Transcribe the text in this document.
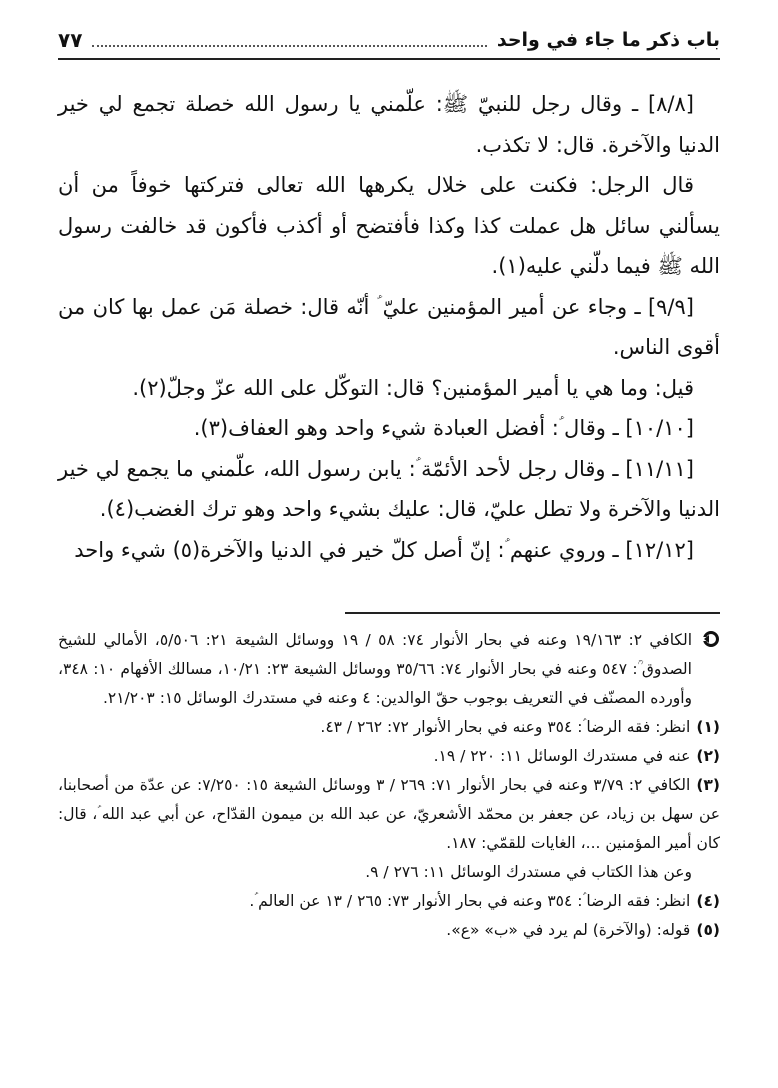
باب ذكر ما جاء في واحد
٧٧

[٨/٨] ـ وقال رجل للنبيّ ﷺ: علّمني يا رسول الله خصلة تجمع لي خير الدنيا والآخرة. قال: لا تكذب.

قال الرجل: فكنت على خلال يكرهها الله تعالى فتركتها خوفاً من أن يسألني سائل هل عملت كذا وكذا فأفتضح أو أكذب فأكون قد خالفت رسول الله ﷺ فيما دلّني عليه(١).

[٩/٩] ـ وجاء عن أمير المؤمنين عليّ ؑ أنّه قال: خصلة مَن عمل بها كان من أقوى الناس.

قيل: وما هي يا أمير المؤمنين؟ قال: التوكّل على الله عزّ وجلّ(٢).

[١٠/١٠] ـ وقال ؑ: أفضل العبادة شيء واحد وهو العفاف(٣).

[١١/١١] ـ وقال رجل لأحد الأئمّة ؑ: يابن رسول الله، علّمني ما يجمع لي خير الدنيا والآخرة ولا تطل عليّ، قال: عليك بشيء واحد وهو ترك الغضب(٤).

[١٢/١٢] ـ وروي عنهم ؑ: إنّ أصل كلّ خير في الدنيا والآخرة(٥) شيء واحد

الكافي ٢: ١٩/١٦٣ وعنه في بحار الأنوار ٧٤: ٥٨ / ١٩ ووسائل الشيعة ٢١: ٥/٥٠٦، الأمالي للشيخ الصدوق ؒ: ٥٤٧ وعنه في بحار الأنوار ٧٤: ٣٥/٦٦ ووسائل الشيعة ٢٣: ١٠/٢١، مسالك الأفهام ١٠: ٣٤٨، وأورده المصنّف في التعريف بوجوب حقّ الوالدين: ٤ وعنه في مستدرك الوسائل ١٥: ٢١/٢٠٣.

(١)انظر: فقه الرضا ؑ: ٣٥٤ وعنه في بحار الأنوار ٧٢: ٢٦٢ / ٤٣.

(٢)عنه في مستدرك الوسائل ١١: ٢٢٠ / ١٩.

(٣)الكافي ٢: ٣/٧٩ وعنه في بحار الأنوار ٧١: ٢٦٩ / ٣ ووسائل الشيعة ١٥: ٧/٢٥٠: عن عدّة من أصحابنا، عن سهل بن زياد، عن جعفر بن محمّد الأشعريّ، عن عبد الله بن ميمون القدّاح، عن أبي عبد الله ؑ، قال: كان أمير المؤمنين ...، الغايات للقمّي: ١٨٧.

وعن هذا الكتاب في مستدرك الوسائل ١١: ٢٧٦ / ٩.

(٤)انظر: فقه الرضا ؑ: ٣٥٤ وعنه في بحار الأنوار ٧٣: ٢٦٥ / ١٣ عن العالم ؑ.

(٥)قوله: (والآخرة) لم يرد في «ب» «ع».
